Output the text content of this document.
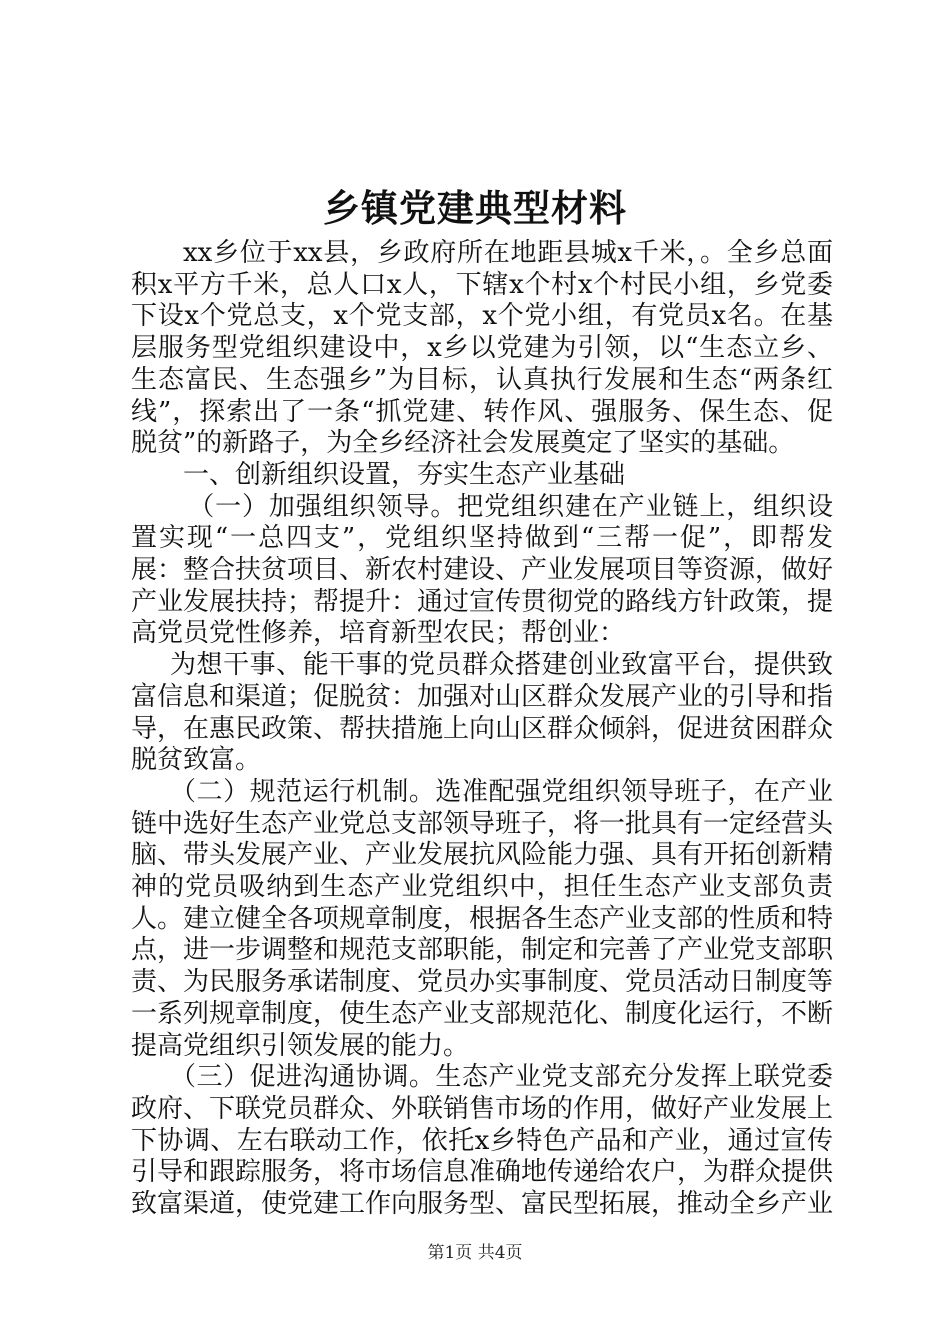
乡镇党建典型材料

xx乡位于xx县，乡政府所在地距县城x千米，。全乡总面积x平方千米，总人口x人，下辖x个村x个村民小组，乡党委下设x个党总支，x个党支部，x个党小组，有党员x名。在基层服务型党组织建设中，x乡以党建为引领，以“生态立乡、生态富民、生态强乡”为目标，认真执行发展和生态“两条红线”，探索出了一条“抓党建、转作风、强服务、保生态、促脱贫”的新路子，为全乡经济社会发展奠定了坚实的基础。

一、创新组织设置，夯实生态产业基础

（一）加强组织领导。把党组织建在产业链上，组织设置实现“一总四支”，党组织坚持做到“三帮一促”，即帮发展：整合扶贫项目、新农村建设、产业发展项目等资源，做好产业发展扶持；帮提升：通过宣传贯彻党的路线方针政策，提高党员党性修养，培育新型农民；帮创业：

为想干事、能干事的党员群众搭建创业致富平台，提供致富信息和渠道；促脱贫：加强对山区群众发展产业的引导和指导，在惠民政策、帮扶措施上向山区群众倾斜，促进贫困群众脱贫致富。

（二）规范运行机制。选准配强党组织领导班子，在产业链中选好生态产业党总支部领导班子，将一批具有一定经营头脑、带头发展产业、产业发展抗风险能力强、具有开拓创新精神的党员吸纳到生态产业党组织中，担任生态产业支部负责人。建立健全各项规章制度，根据各生态产业支部的性质和特点，进一步调整和规范支部职能，制定和完善了产业党支部职责、为民服务承诺制度、党员办实事制度、党员活动日制度等一系列规章制度，使生态产业支部规范化、制度化运行，不断提高党组织引领发展的能力。

（三）促进沟通协调。生态产业党支部充分发挥上联党委政府、下联党员群众、外联销售市场的作用，做好产业发展上下协调、左右联动工作，依托x乡特色产品和产业，通过宣传引导和跟踪服务，将市场信息准确地传递给农户，为群众提供致富渠道，使党建工作向服务型、富民型拓展，推动全乡产业

第1页 共4页
